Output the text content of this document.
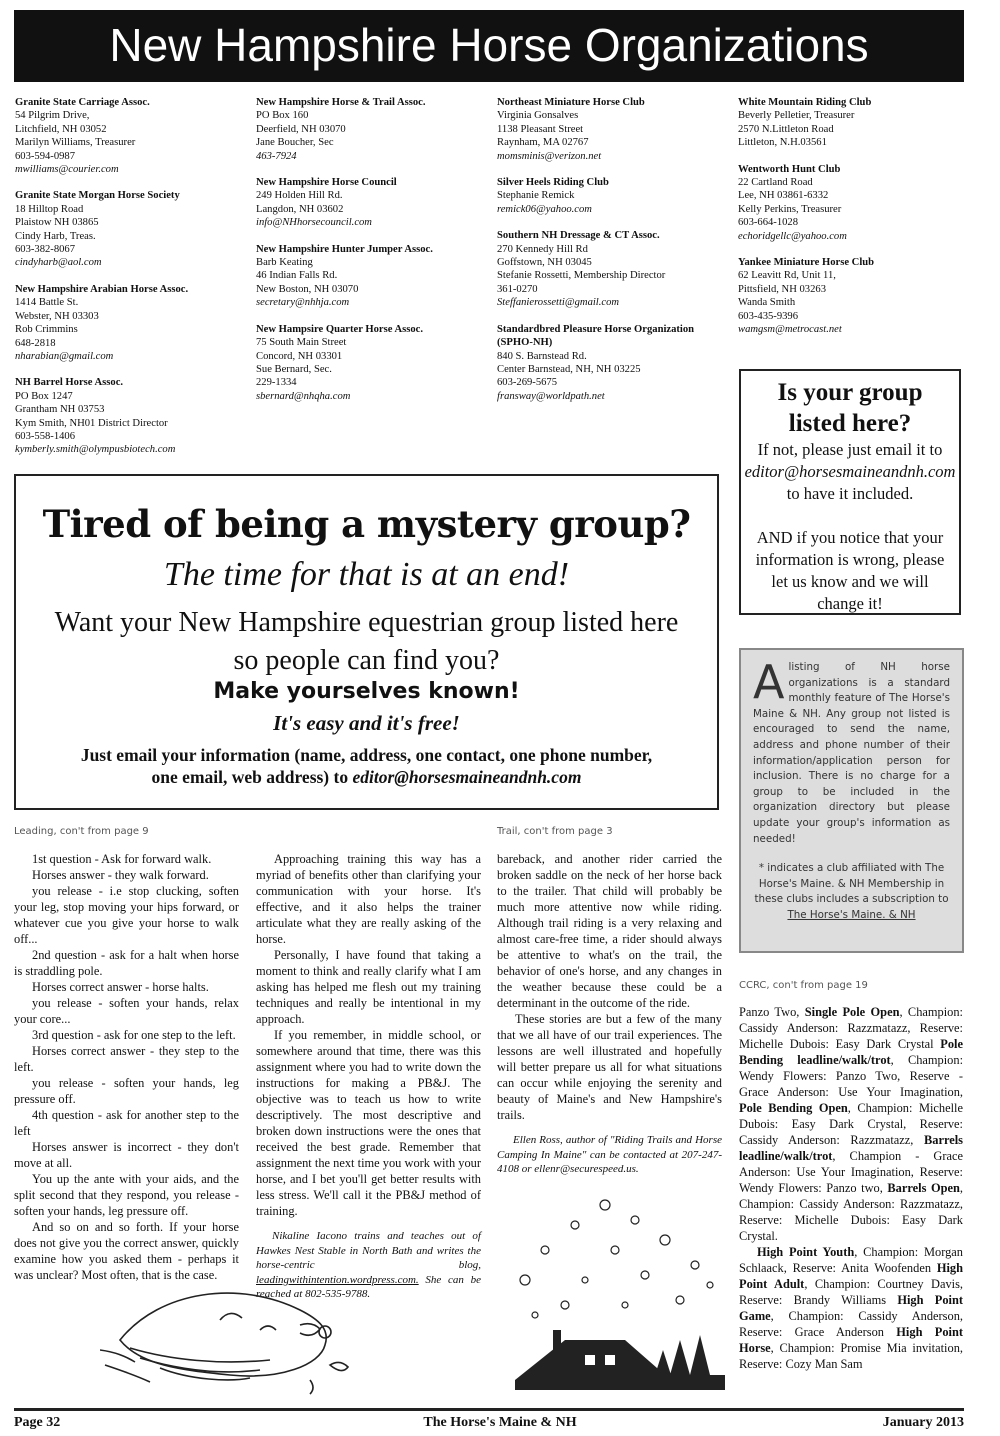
New Hampshire Horse Organizations
Granite State Carriage Assoc.
54 Pilgrim Drive,
Litchfield, NH 03052
Marilyn Williams, Treasurer
603-594-0987
mwilliams@courier.com
Granite State Morgan Horse Society
18 Hilltop Road
Plaistow NH 03865
Cindy Harb, Treas.
603-382-8067
cindyharb@aol.com
New Hampshire Arabian Horse Assoc.
1414 Battle St.
Webster, NH 03303
Rob Crimmins
648-2818
nharabian@gmail.com
NH Barrel Horse Assoc.
PO Box 1247
Grantham NH 03753
Kym Smith, NH01 District Director
603-558-1406
kymberly.smith@olympusbiotech.com
New Hampshire Horse & Trail Assoc.
PO Box 160
Deerfield, NH 03070
Jane Boucher, Sec
463-7924
New Hampshire Horse Council
249 Holden Hill Rd.
Langdon, NH 03602
info@NHhorsecouncil.com
New Hampshire Hunter Jumper Assoc.
Barb Keating
46 Indian Falls Rd.
New Boston, NH 03070
secretary@nhhja.com
New Hampsire Quarter Horse Assoc.
75 South Main Street
Concord, NH 03301
Sue Bernard, Sec.
229-1334
sbernard@nhqha.com
Northeast Miniature Horse Club
Virginia Gonsalves
1138 Pleasant Street
Raynham, MA 02767
momsminis@verizon.net
Silver Heels Riding Club
Stephanie Remick
remick06@yahoo.com
Southern NH Dressage & CT Assoc.
270 Kennedy Hill Rd
Goffstown, NH 03045
Stefanie Rossetti, Membership Director
361-0270
Steffanierossetti@gmail.com
Standardbred Pleasure Horse Organization (SPHO-NH)
840 S. Barnstead Rd.
Center Barnstead, NH, NH 03225
603-269-5675
fransway@worldpath.net
White Mountain Riding Club
Beverly Pelletier, Treasurer
2570 N.Littleton Road
Littleton, N.H.03561
Wentworth Hunt Club
22 Cartland Road
Lee, NH 03861-6332
Kelly Perkins, Treasurer
603-664-1028
echoridgellc@yahoo.com
Yankee Miniature Horse Club
62 Leavitt Rd, Unit 11,
Pittsfield, NH 03263
Wanda Smith
603-435-9396
wamgsm@metrocast.net
Is your group
listed here?
If not, please just email it to
editor@horsesmaineandnh.com
to have it included.
AND if you notice that your information is wrong, please let us know and we will change it!
Tired of being a mystery group?
The time for that is at an end!
Want your New Hampshire equestrian group listed here
so people can find you?
Make yourselves known!
It's easy and it's free!
Just email your information (name, address, one contact, one phone number,
one email, web address) to editor@horsesmaineandnh.com
A listing of NH horse organizations is a standard monthly feature of The Horse's Maine & NH. Any group not listed is encouraged to send the name, address and phone number of their information/application person for inclusion. There is no charge for a group to be included in the organization directory but please update your group's information as needed!

* indicates a club affiliated with The Horse's Maine. & NH Membership in these clubs includes a subscription to The Horse's Maine. & NH

Leading, con't from page 9	Trail, con't from page 3
CCRC, con't from page 19

1st question - Ask for forward walk.

Horses answer - they walk forward.

you release - i.e stop clucking, soften your leg, stop moving your hips forward, or whatever cue you give your horse to walk off...

2nd question - ask for a halt when horse is straddling pole.

Horses correct answer - horse halts.

you release - soften your hands, relax your core...

3rd question - ask for one step to the left.

Horses correct answer - they step to the left.

you release - soften your hands, leg pressure off.

4th question - ask for another step to the left

Horses answer is incorrect - they don't move at all.

You up the ante with your aids, and the split second that they respond, you release - soften your hands, leg pressure off.

And so on and so forth. If your horse does not give you the correct answer, quickly examine how you asked them - perhaps it was unclear? Most often, that is the case.

Approaching training this way has a myriad of benefits other than clarifying your communication with your horse. It's effective, and it also helps the trainer articulate what they are really asking of the horse.

Personally, I have found that taking a moment to think and really clarify what I am asking has helped me flesh out my training techniques and really be intentional in my approach.

If you remember, in middle school, or somewhere around that time, there was this assignment where you had to write down the instructions for making a PB&J. The objective was to teach us how to write descriptively. The most descriptive and broken down instructions were the ones that received the best grade. Remember that assignment the next time you work with your horse, and I bet you'll get better results with less stress. We'll call it the PB&J method of training.

Nikaline Iacono trains and teaches out of Hawkes Nest Stable in North Bath and writes the horse-centric blog, leadingwithintention.wordpress.com. She can be reached at 802-535-9788.

bareback, and another rider carried the broken saddle on the neck of her horse back to the trailer. That child will probably be much more attentive now while riding. Although trail riding is a very relaxing and almost care-free time, a rider should always be attentive to what's on the trail, the behavior of one's horse, and any changes in the weather because these could be a determinant in the outcome of the ride.

These stories are but a few of the many that we all have of our trail experiences. The lessons are well illustrated and hopefully will better prepare us all for what situations can occur while enjoying the serenity and beauty of Maine's and New Hampshire's trails.

Ellen Ross, author of "Riding Trails and Horse Camping In Maine" can be contacted at 207-247-4108 or ellenr@securespeed.us.

Panzo Two, Single Pole Open, Champion: Cassidy Anderson: Razzmatazz, Reserve: Michelle Dubois: Easy Dark Crystal Pole Bending leadline/walk/trot, Champion: Wendy Flowers: Panzo Two, Reserve - Grace Anderson: Use Your Imagination, Pole Bending Open, Champion: Michelle Dubois: Easy Dark Crystal, Reserve: Cassidy Anderson: Razzmatazz, Barrels leadline/walk/trot, Champion - Grace Anderson: Use Your Imagination, Reserve: Wendy Flowers: Panzo two, Barrels Open, Champion: Cassidy Anderson: Razzmatazz, Reserve: Michelle Dubois: Easy Dark Crystal.

High Point Youth, Champion: Morgan Schlaack, Reserve: Anita Woofenden High Point Adult, Champion: Courtney Davis, Reserve: Brandy Williams High Point Game, Champion: Cassidy Anderson, Reserve: Grace Anderson High Point Horse, Champion: Promise Mia invitation, Reserve: Cozy Man Sam

Page 32	The Horse's Maine & NH	January 2013
